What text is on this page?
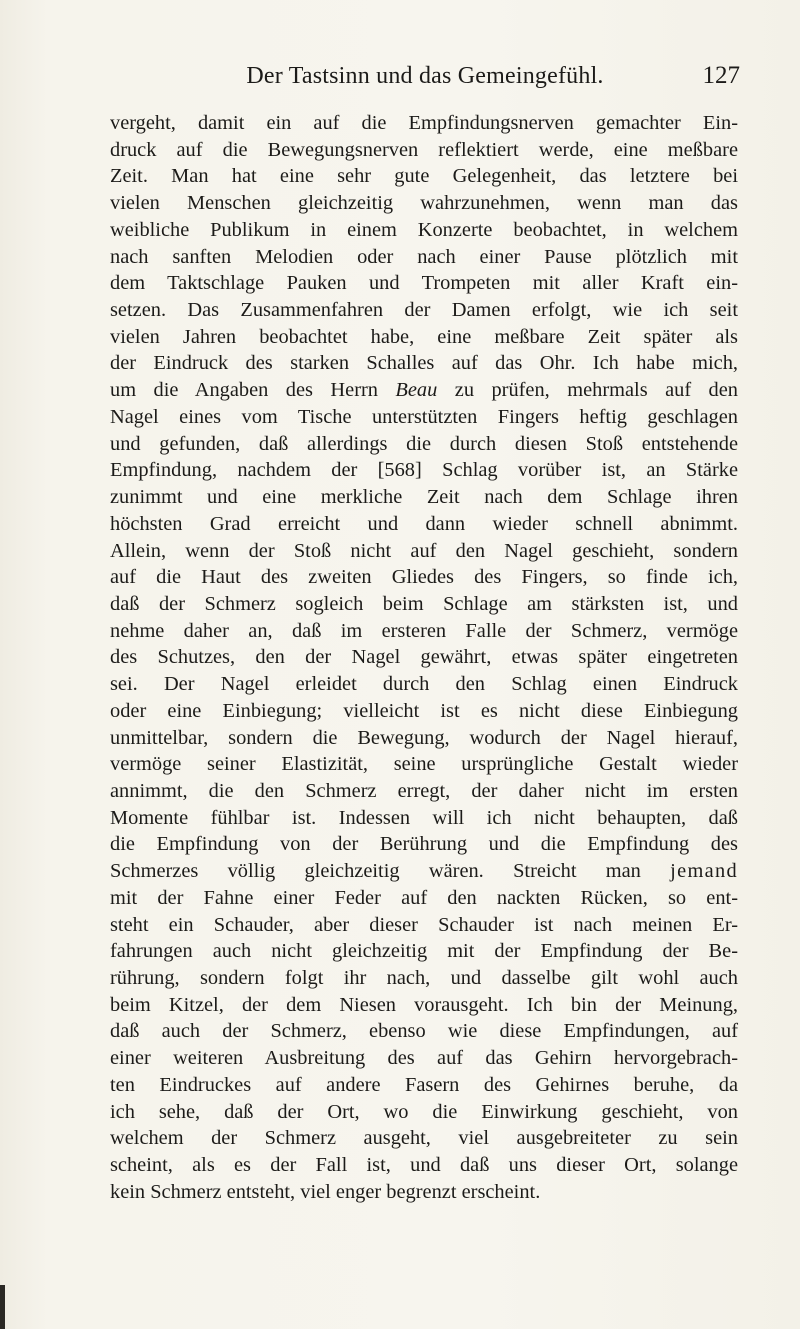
Der Tastsinn und das Gemeingefühl.	127
vergeht, damit ein auf die Empfindungsnerven gemachter Ein-
druck auf die Bewegungsnerven reflektiert werde, eine meßbare
Zeit. Man hat eine sehr gute Gelegenheit, das letztere bei
vielen Menschen gleichzeitig wahrzunehmen, wenn man das
weibliche Publikum in einem Konzerte beobachtet, in welchem
nach sanften Melodien oder nach einer Pause plötzlich mit
dem Taktschlage Pauken und Trompeten mit aller Kraft ein-
setzen. Das Zusammenfahren der Damen erfolgt, wie ich seit
vielen Jahren beobachtet habe, eine meßbare Zeit später als
der Eindruck des starken Schalles auf das Ohr. Ich habe mich,
um die Angaben des Herrn Beau zu prüfen, mehrmals auf den
Nagel eines vom Tische unterstützten Fingers heftig geschlagen
und gefunden, daß allerdings die durch diesen Stoß entstehende
Empfindung, nachdem der [568] Schlag vorüber ist, an Stärke
zunimmt und eine merkliche Zeit nach dem Schlage ihren
höchsten Grad erreicht und dann wieder schnell abnimmt.
Allein, wenn der Stoß nicht auf den Nagel geschieht, sondern
auf die Haut des zweiten Gliedes des Fingers, so finde ich,
daß der Schmerz sogleich beim Schlage am stärksten ist, und
nehme daher an, daß im ersteren Falle der Schmerz, vermöge
des Schutzes, den der Nagel gewährt, etwas später eingetreten
sei. Der Nagel erleidet durch den Schlag einen Eindruck
oder eine Einbiegung; vielleicht ist es nicht diese Einbiegung
unmittelbar, sondern die Bewegung, wodurch der Nagel hierauf,
vermöge seiner Elastizität, seine ursprüngliche Gestalt wieder
annimmt, die den Schmerz erregt, der daher nicht im ersten
Momente fühlbar ist. Indessen will ich nicht behaupten, daß
die Empfindung von der Berührung und die Empfindung des
Schmerzes völlig gleichzeitig wären. Streicht man jemand
mit der Fahne einer Feder auf den nackten Rücken, so ent-
steht ein Schauder, aber dieser Schauder ist nach meinen Er-
fahrungen auch nicht gleichzeitig mit der Empfindung der Be-
rührung, sondern folgt ihr nach, und dasselbe gilt wohl auch
beim Kitzel, der dem Niesen vorausgeht. Ich bin der Meinung,
daß auch der Schmerz, ebenso wie diese Empfindungen, auf
einer weiteren Ausbreitung des auf das Gehirn hervorgebrach-
ten Eindruckes auf andere Fasern des Gehirnes beruhe, da
ich sehe, daß der Ort, wo die Einwirkung geschieht, von
welchem der Schmerz ausgeht, viel ausgebreiteter zu sein
scheint, als es der Fall ist, und daß uns dieser Ort, solange
kein Schmerz entsteht, viel enger begrenzt erscheint.
